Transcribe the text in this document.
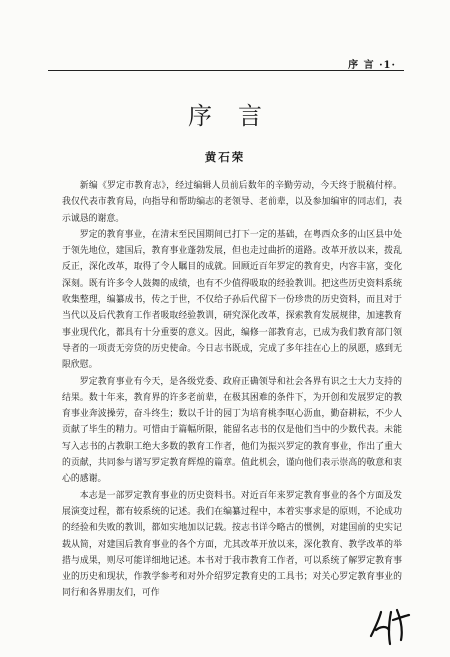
序 言 ·1·
序言
黄石荣

新编《罗定市教育志》，经过编辑人员前后数年的辛勤劳动，今天终于脱稿付梓。我仅代表市教育局，向指导和帮助编志的老领导、老前辈，以及参加编审的同志们，表示诚恳的谢意。

罗定的教育事业，在清末至民国期间已打下一定的基础，在粤西众多的山区县中处于领先地位，建国后，教育事业蓬勃发展，但也走过曲折的道路。改革开放以来，拨乱反正，深化改革，取得了令人瞩目的成就。回顾近百年罗定的教育史，内容丰富，变化深刻。既有许多令人鼓舞的成绩，也有不少值得吸取的经验教训。把这些历史资料系统收集整理，编纂成书，传之于世，不仅给子孙后代留下一份珍贵的历史资料，而且对于当代以及后代教育工作者吸取经验教训，研究深化改革，探索教育发展规律，加速教育事业现代化，都具有十分重要的意义。因此，编修一部教育志，已成为我们教育部门领导者的一项责无旁贷的历史使命。今日志书既成，完成了多年挂在心上的夙愿，感到无限欣慰。

罗定教育事业有今天，是各级党委、政府正确领导和社会各界有识之士大力支持的结果。数十年来，教育界的许多老前辈，在极其困难的条件下，为开创和发展罗定的教育事业奔波操劳，奋斗终生；数以千计的园丁为培育桃李呕心沥血，勤奋耕耘，不少人贡献了毕生的精力。可惜由于篇幅所限，能留名志书的仅是他们当中的少数代表。未能写入志书的占教职工绝大多数的教育工作者，他们为振兴罗定的教育事业，作出了重大的贡献，共同参与谱写罗定教育辉煌的篇章。值此机会，谨向他们表示崇高的敬意和衷心的感谢。

本志是一部罗定教育事业的历史资料书。对近百年来罗定教育事业的各个方面及发展演变过程，都有较系统的记述。我们在编纂过程中，本着实事求是的原则，不论成功的经验和失败的教训，都如实地加以记载。按志书详今略古的惯例，对建国前的史实记载从简，对建国后教育事业的各个方面，尤其改革开放以来，深化教育、教学改革的举措与成果，则尽可能详细地记述。本书对于我市教育工作者，可以系统了解罗定教育事业的历史和现状，作教学参考和对外介绍罗定教育史的工具书；对关心罗定教育事业的同行和各界朋友们，可作
